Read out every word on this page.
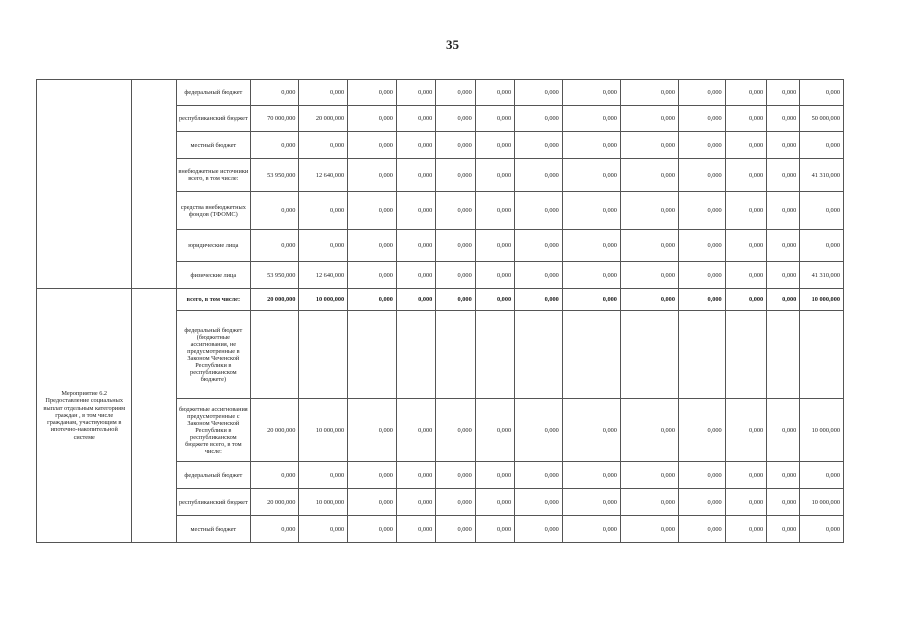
35
		федеральный бюджет	0,000	0,000	0,000	0,000	0,000	0,000	0,000	0,000	0,000	0,000	0,000	0,000	0,000
		республиканский бюджет	70 000,000	20 000,000	0,000	0,000	0,000	0,000	0,000	0,000	0,000	0,000	0,000	0,000	50 000,000
		местный бюджет	0,000	0,000	0,000	0,000	0,000	0,000	0,000	0,000	0,000	0,000	0,000	0,000	0,000
		внебюджетные источники всего, в том числе:	53 950,000	12 640,000	0,000	0,000	0,000	0,000	0,000	0,000	0,000	0,000	0,000	0,000	41 310,000
		средства внебюджетных фондов (ТФОМС)	0,000	0,000	0,000	0,000	0,000	0,000	0,000	0,000	0,000	0,000	0,000	0,000	0,000
		юридические лица	0,000	0,000	0,000	0,000	0,000	0,000	0,000	0,000	0,000	0,000	0,000	0,000	0,000
		физические лица	53 950,000	12 640,000	0,000	0,000	0,000	0,000	0,000	0,000	0,000	0,000	0,000	0,000	41 310,000
Мероприятие 6.2 Предоставление социальных выплат отдельным категориям граждан , в том числе гражданам, участвующим в ипотечно-накопительной системе		всего, в том числе:	20 000,000	10 000,000	0,000	0,000	0,000	0,000	0,000	0,000	0,000	0,000	0,000	0,000	10 000,000
		федеральный бюджет (бюджетные ассигнования, не предусмотренные в Законом Чеченской Республики в республиканском бюджете)													
		бюджетные ассигнования предусмотренные с Законом Чеченской Республики в республиканском бюджете всего, в том числе:	20 000,000	10 000,000	0,000	0,000	0,000	0,000	0,000	0,000	0,000	0,000	0,000	0,000	10 000,000
		федеральный бюджет	0,000	0,000	0,000	0,000	0,000	0,000	0,000	0,000	0,000	0,000	0,000	0,000	0,000
		республиканский бюджет	20 000,000	10 000,000	0,000	0,000	0,000	0,000	0,000	0,000	0,000	0,000	0,000	0,000	10 000,000
		местный бюджет	0,000	0,000	0,000	0,000	0,000	0,000	0,000	0,000	0,000	0,000	0,000	0,000	0,000
